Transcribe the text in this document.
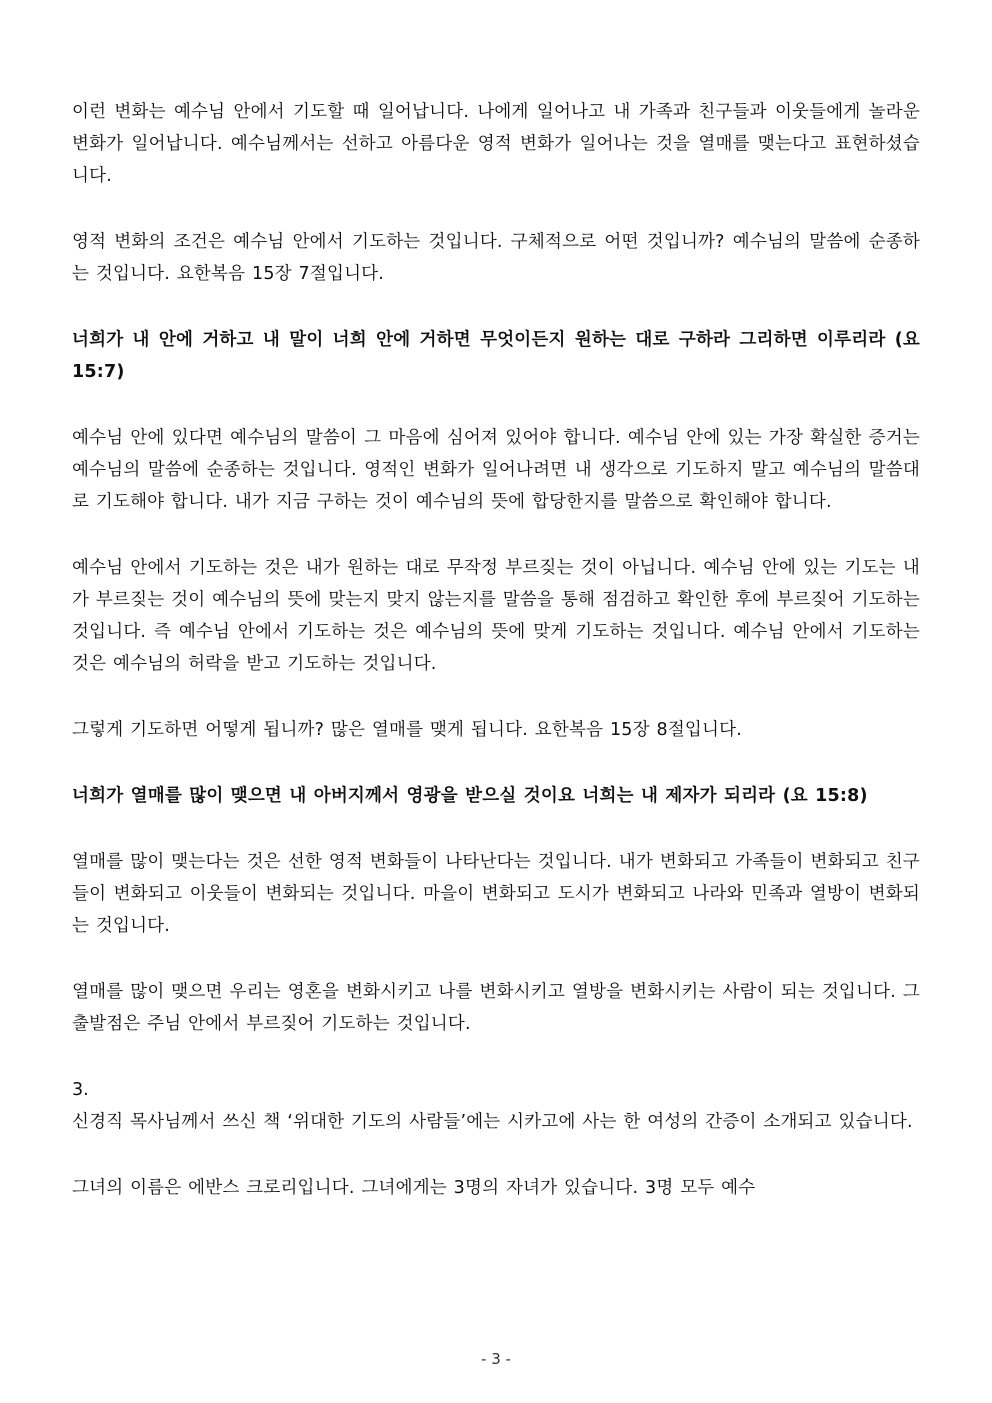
이런 변화는 예수님 안에서 기도할 때 일어납니다. 나에게 일어나고 내 가족과 친구들과 이웃들에게 놀라운 변화가 일어납니다. 예수님께서는 선하고 아름다운 영적 변화가 일어나는 것을 열매를 맺는다고 표현하셨습니다.

영적 변화의 조건은 예수님 안에서 기도하는 것입니다. 구체적으로 어떤 것입니까? 예수님의 말씀에 순종하는 것입니다. 요한복음 15장 7절입니다.

너희가 내 안에 거하고 내 말이 너희 안에 거하면 무엇이든지 원하는 대로 구하라 그리하면 이루리라 (요 15:7)

예수님 안에 있다면 예수님의 말씀이 그 마음에 심어져 있어야 합니다. 예수님 안에 있는 가장 확실한 증거는 예수님의 말씀에 순종하는 것입니다. 영적인 변화가 일어나려면 내 생각으로 기도하지 말고 예수님의 말씀대로 기도해야 합니다. 내가 지금 구하는 것이 예수님의 뜻에 합당한지를 말씀으로 확인해야 합니다.

예수님 안에서 기도하는 것은 내가 원하는 대로 무작정 부르짖는 것이 아닙니다. 예수님 안에 있는 기도는 내가 부르짖는 것이 예수님의 뜻에 맞는지 맞지 않는지를 말씀을 통해 점검하고 확인한 후에 부르짖어 기도하는 것입니다. 즉 예수님 안에서 기도하는 것은 예수님의 뜻에 맞게 기도하는 것입니다. 예수님 안에서 기도하는 것은 예수님의 허락을 받고 기도하는 것입니다.

그렇게 기도하면 어떻게 됩니까? 많은 열매를 맺게 됩니다. 요한복음 15장 8절입니다.

너희가 열매를 많이 맺으면 내 아버지께서 영광을 받으실 것이요 너희는 내 제자가 되리라 (요 15:8)

열매를 많이 맺는다는 것은 선한 영적 변화들이 나타난다는 것입니다. 내가 변화되고 가족들이 변화되고 친구들이 변화되고 이웃들이 변화되는 것입니다. 마을이 변화되고 도시가 변화되고 나라와 민족과 열방이 변화되는 것입니다.

열매를 많이 맺으면 우리는 영혼을 변화시키고 나를 변화시키고 열방을 변화시키는 사람이 되는 것입니다. 그 출발점은 주님 안에서 부르짖어 기도하는 것입니다.

3.

신경직 목사님께서 쓰신 책 ‘위대한 기도의 사람들’에는 시카고에 사는 한 여성의 간증이 소개되고 있습니다.

그녀의 이름은 에반스 크로리입니다. 그녀에게는 3명의 자녀가 있습니다. 3명 모두 예수

- 3 -
